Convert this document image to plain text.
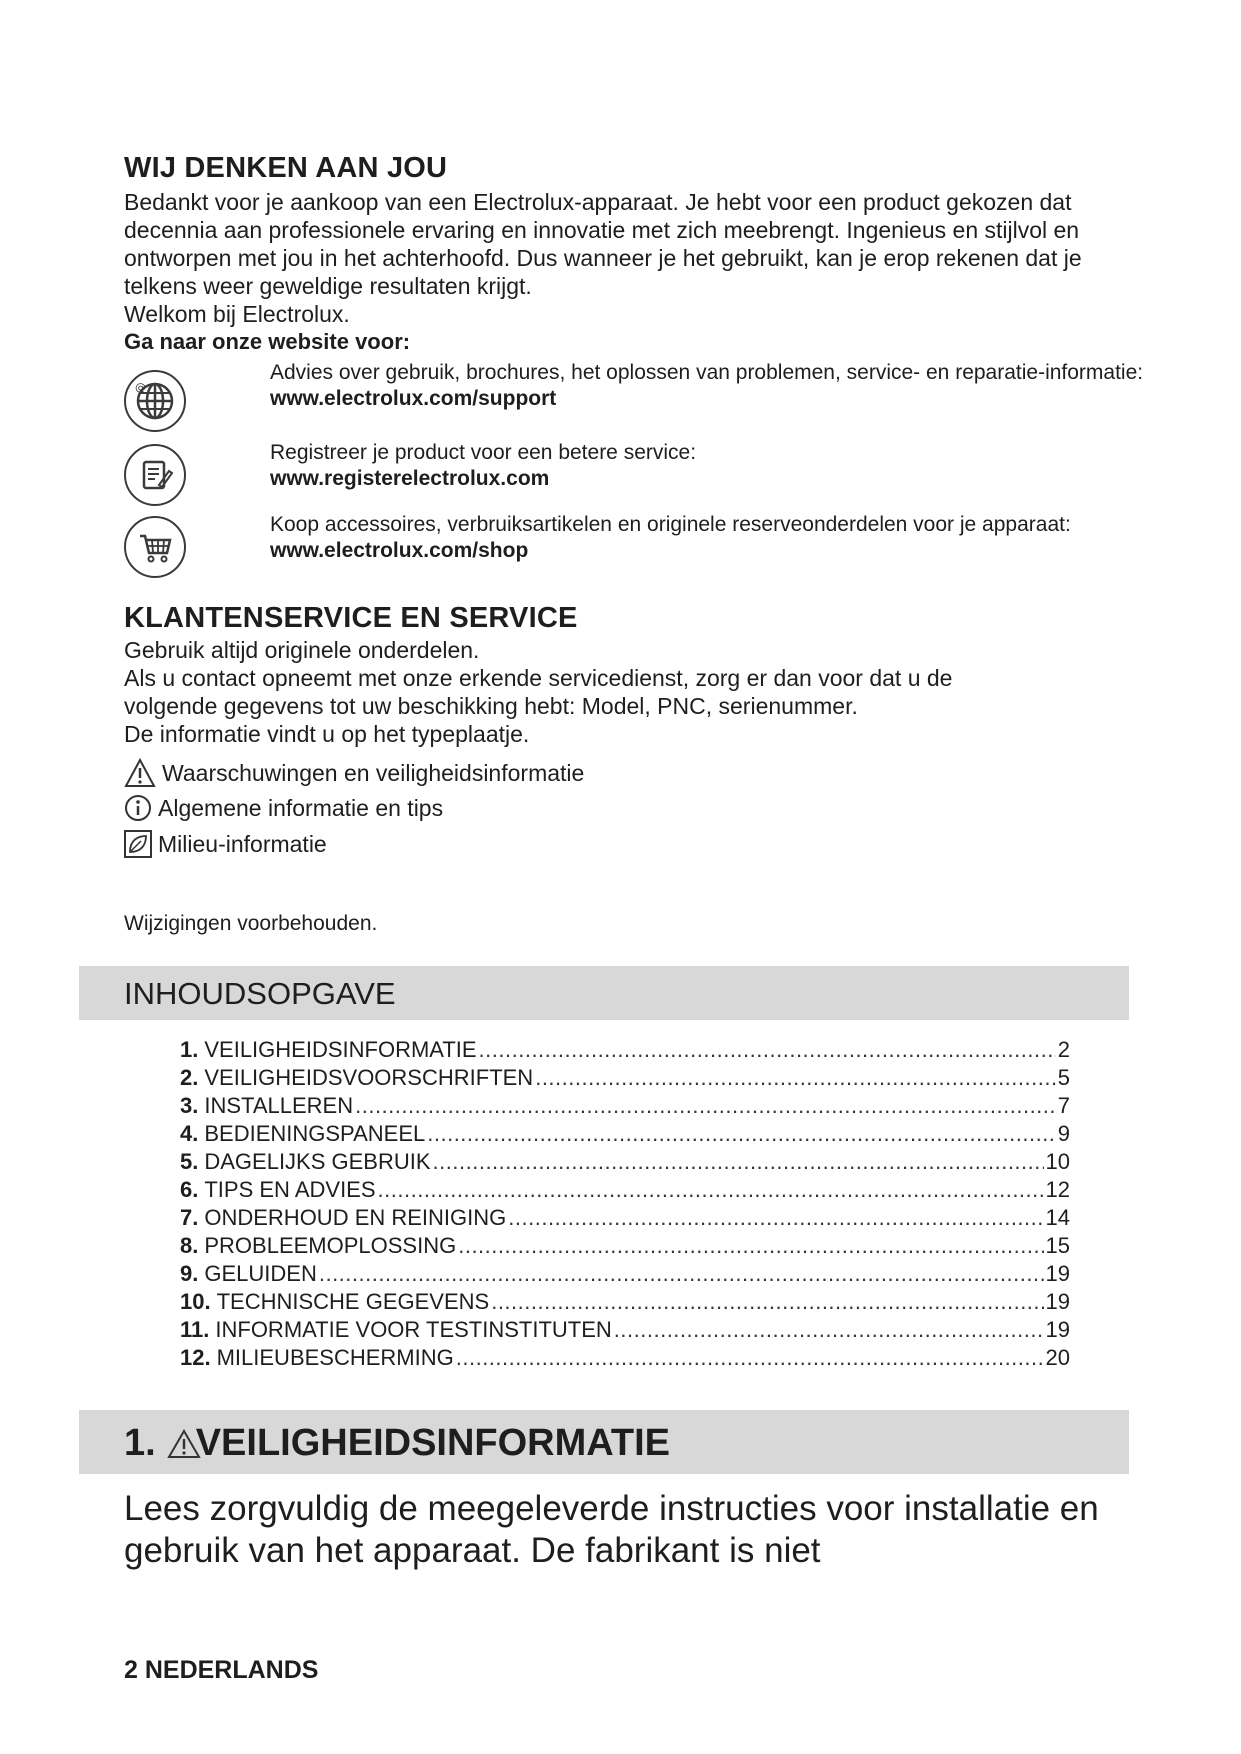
WIJ DENKEN AAN JOU

Bedankt voor je aankoop van een Electrolux-apparaat. Je hebt voor een product gekozen dat decennia aan professionele ervaring en innovatie met zich meebrengt. Ingenieus en stijlvol en ontworpen met jou in het achterhoofd. Dus wanneer je het gebruikt, kan je erop rekenen dat je telkens weer geweldige resultaten krijgt.

Welkom bij Electrolux.

Ga naar onze website voor:

@
Advies over gebruik, brochures, het oplossen van problemen, service- en reparatie-informatie:
www.electrolux.com/support
Registreer je product voor een betere service:
www.registerelectrolux.com
Koop accessoires, verbruiksartikelen en originele reserveonderdelen voor je apparaat:
www.electrolux.com/shop
KLANTENSERVICE EN SERVICE
Gebruik altijd originele onderdelen.
Als u contact opneemt met onze erkende servicedienst, zorg er dan voor dat u de volgende gegevens tot uw beschikking hebt: Model, PNC, serienummer.
De informatie vindt u op het typeplaatje.
Waarschuwingen en veiligheidsinformatie
Algemene informatie en tips
Milieu-informatie
Wijzigingen voorbehouden.
INHOUDSOPGAVE
1. VEILIGHEIDSINFORMATIE .....	2
2. VEILIGHEIDSVOORSCHRIFTEN .....	5
3. INSTALLEREN .....	7
4. BEDIENINGSPANEEL .....	9
5. DAGELIJKS GEBRUIK .....	10
6. TIPS EN ADVIES .....	12
7. ONDERHOUD EN REINIGING .....	14
8. PROBLEEMOPLOSSING .....	15
9. GELUIDEN .....	19
10. TECHNISCHE GEGEVENS .....	19
11. INFORMATIE VOOR TESTINSTITUTEN .....	19
12. MILIEUBESCHERMING .....	20
1. VEILIGHEIDSINFORMATIE
Lees zorgvuldig de meegeleverde instructies voor installatie en gebruik van het apparaat. De fabrikant is niet
2 NEDERLANDS
